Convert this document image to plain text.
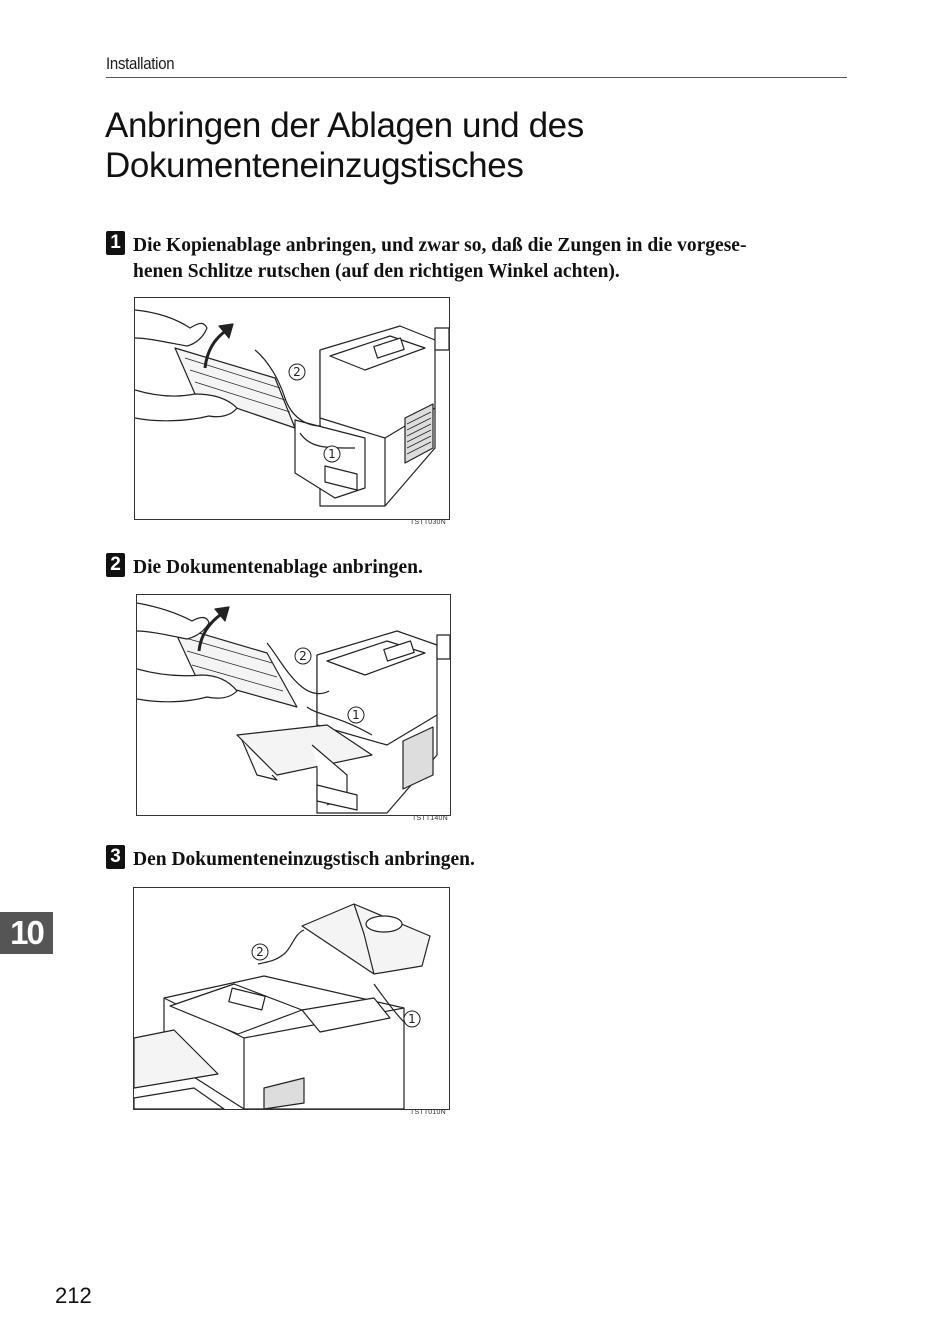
Installation
Anbringen der Ablagen und des
Dokumenteneinzugstisches
1 Die Kopienablage anbringen, und zwar so, daß die Zungen in die vorgese-
henen Schlitze rutschen (auf den richtigen Winkel achten).
2
1
TSTT030N
2 Die Dokumentenablage anbringen.
2
1
TSTT140N
3 Den Dokumenteneinzugstisch anbringen.
2
1
TSTT010N
10
212
